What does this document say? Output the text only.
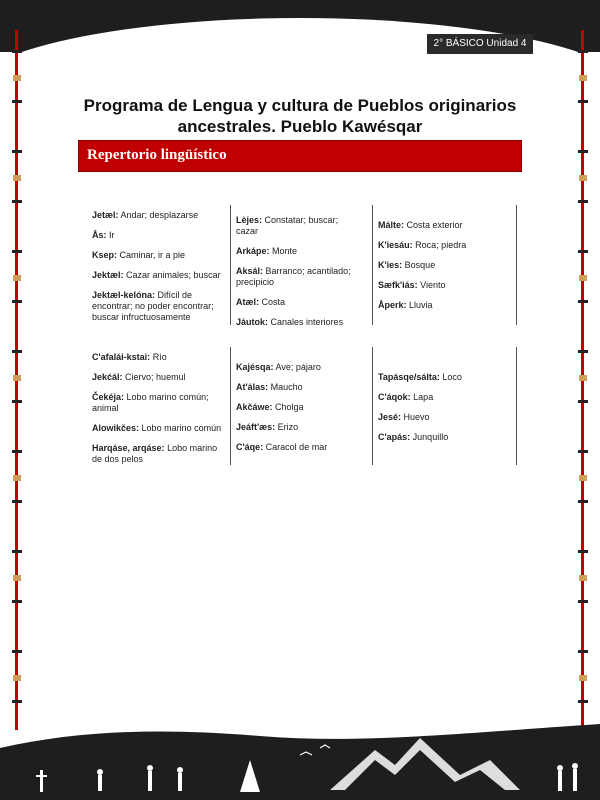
2° BÁSICO Unidad 4
Programa de Lengua y cultura de Pueblos originarios
ancestrales. Pueblo Kawésqar
Repertorio lingüístico
Jetæl: Andar; desplazarse
Ås: Ir
Ksep: Caminar, ir a pie
Jektæl: Cazar animales; buscar
Jektæl-kelóna: Difícil de encontrar; no poder encontrar; buscar infructuosamente
Lèjes: Constatar; buscar; cazar
Arkápe: Monte
Aksál: Barranco; acantilado; precipicio
Atæl: Costa
Jáutok: Canales interiores
Málte: Costa exterior
K'iesáu: Roca; piedra
K'ies: Bosque
Sæfk'iás: Viento
Åperk: Lluvia
C'afalái-kstai: Río
Jekćál: Ciervo; huemul
Čekéja: Lobo marino común; animal
Alowikčes: Lobo marino común
Harqáse, arqáse: Lobo marino de dos pelos
Kajésqa: Ave; pájaro
At'álas: Maucho
Akčáwe: Cholga
Jeáft'æs: Erizo
C'áqe: Caracol de mar
Tapásqe/sálta: Loco
C'áqok: Lapa
Jesé: Huevo
C'apás: Junquillo
